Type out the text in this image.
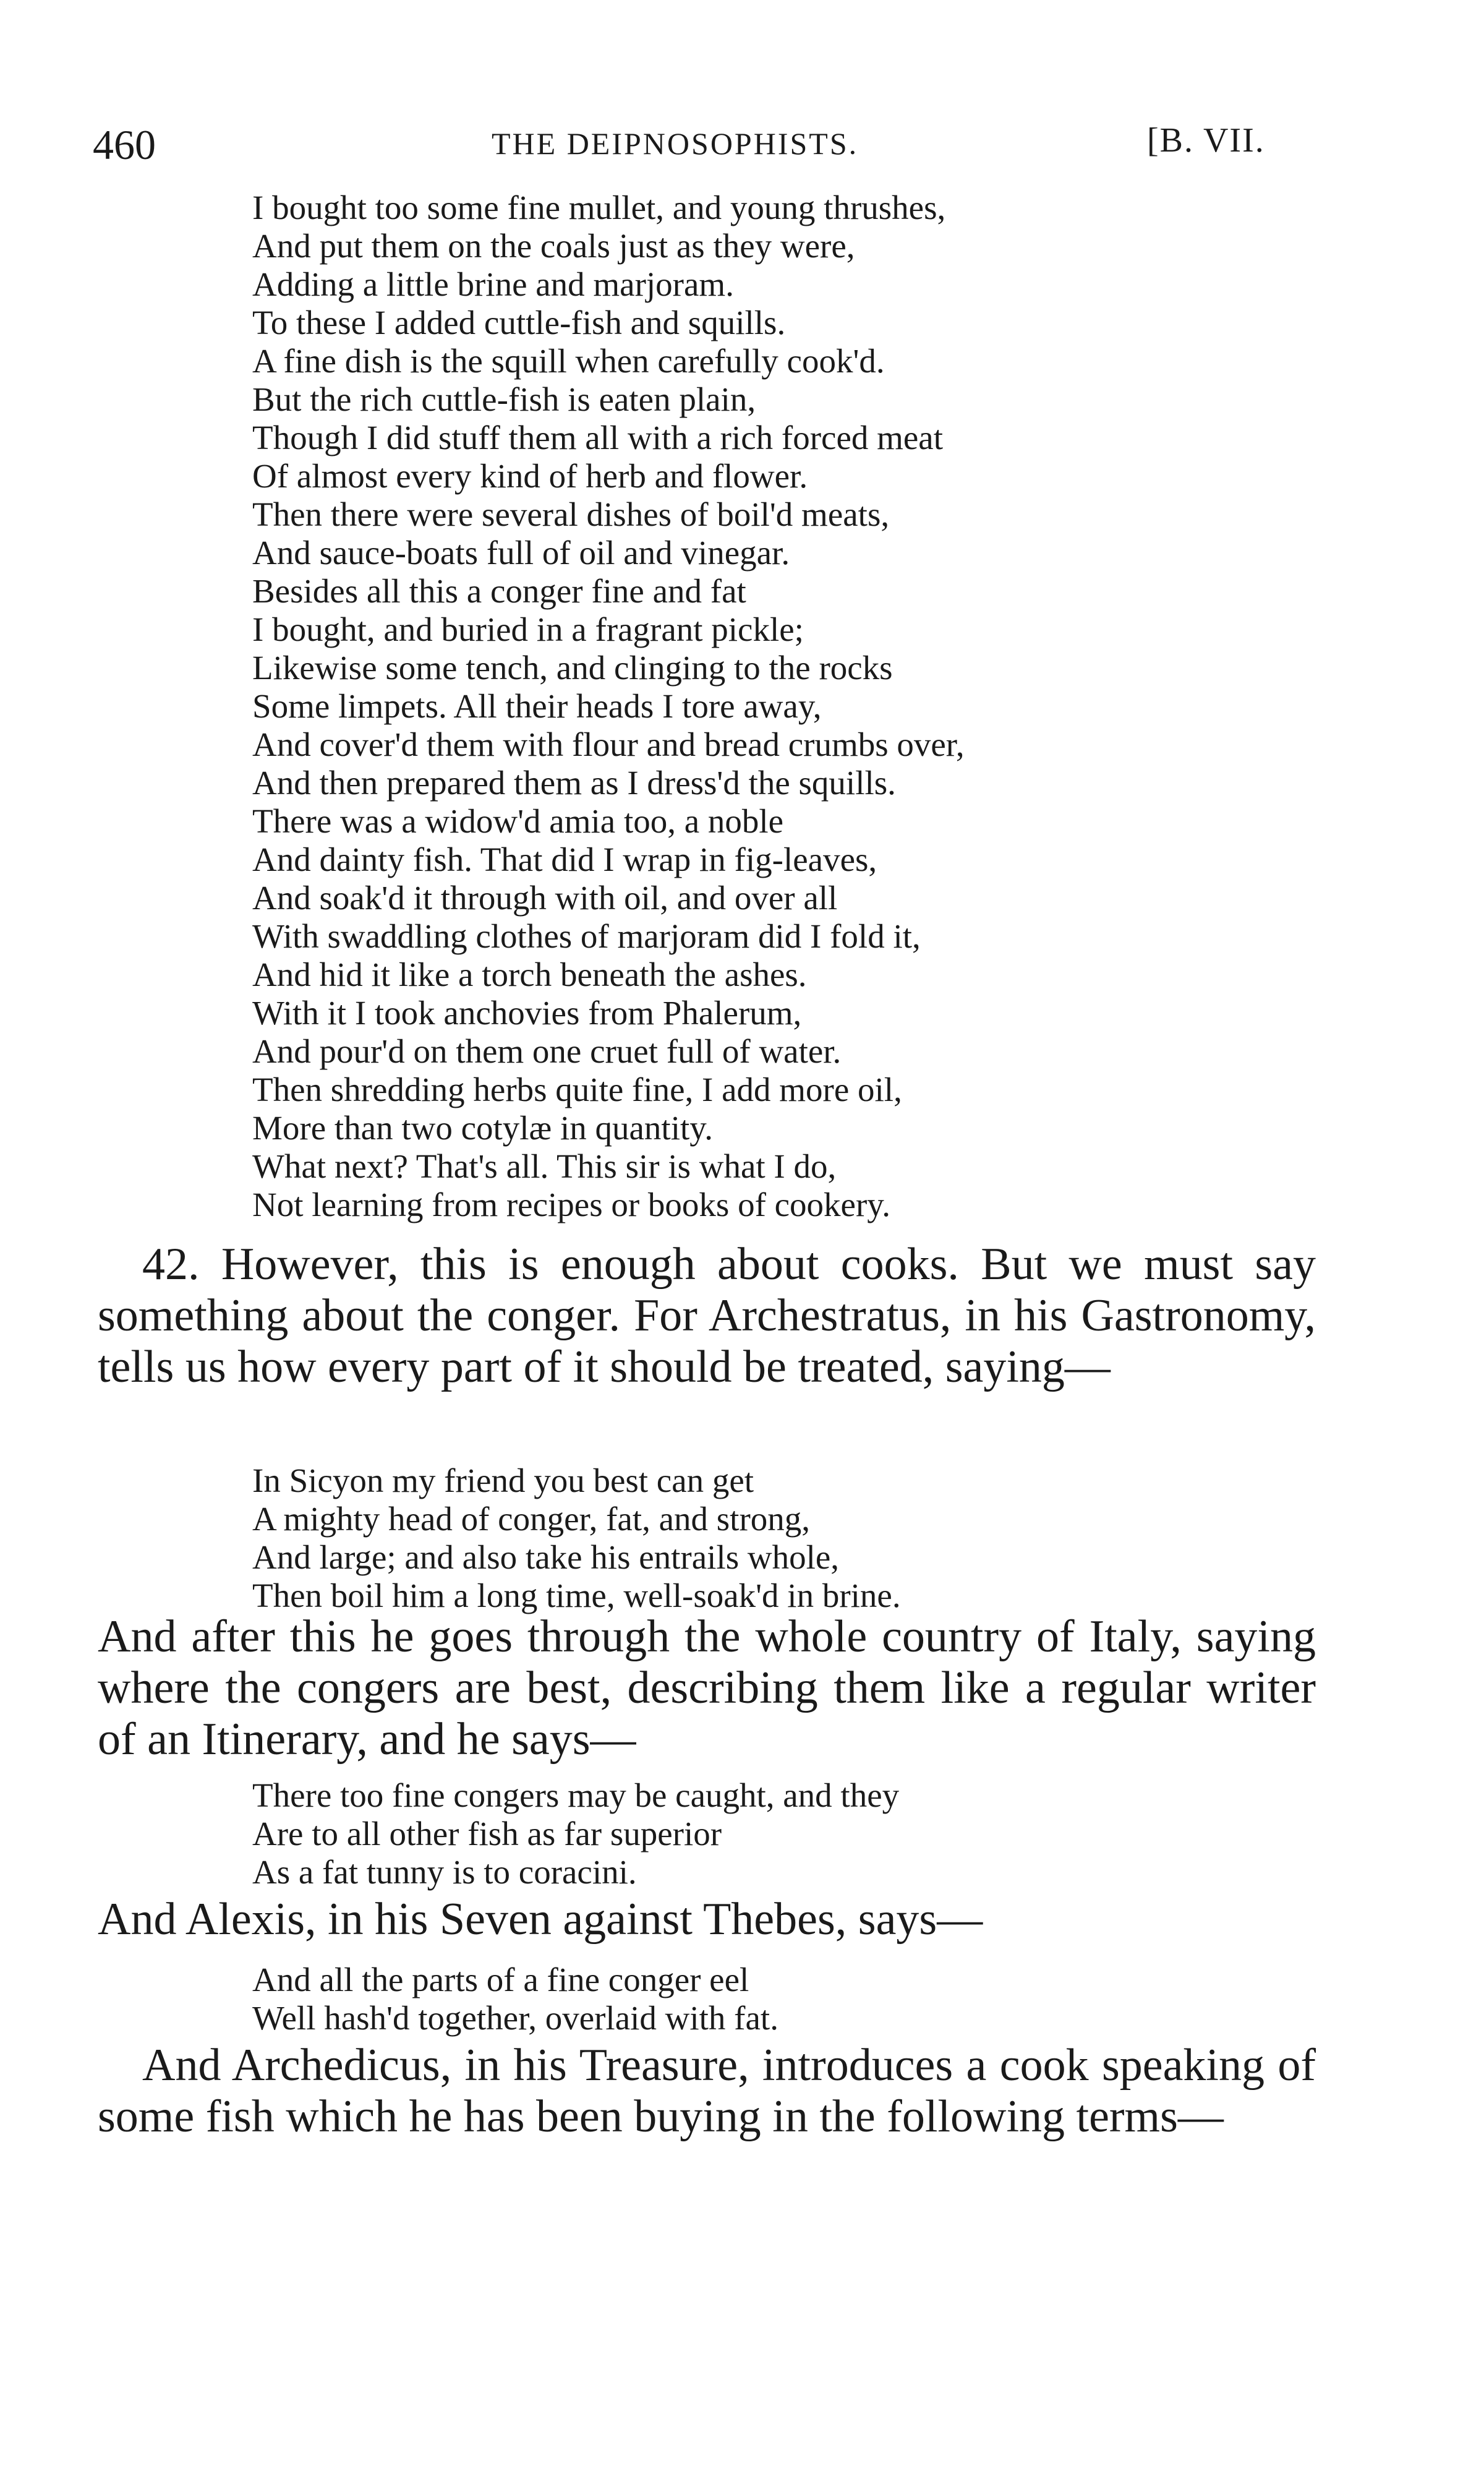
460	THE DEIPNOSOPHISTS.	[B. VII.
I bought too some fine mullet, and young thrushes,
And put them on the coals just as they were,
Adding a little brine and marjoram.
To these I added cuttle-fish and squills.
A fine dish is the squill when carefully cook'd.
But the rich cuttle-fish is eaten plain,
Though I did stuff them all with a rich forced meat
Of almost every kind of herb and flower.
Then there were several dishes of boil'd meats,
And sauce-boats full of oil and vinegar.
Besides all this a conger fine and fat
I bought, and buried in a fragrant pickle;
Likewise some tench, and clinging to the rocks
Some limpets. All their heads I tore away,
And cover'd them with flour and bread crumbs over,
And then prepared them as I dress'd the squills.
There was a widow'd amia too, a noble
And dainty fish. That did I wrap in fig-leaves,
And soak'd it through with oil, and over all
With swaddling clothes of marjoram did I fold it,
And hid it like a torch beneath the ashes.
With it I took anchovies from Phalerum,
And pour'd on them one cruet full of water.
Then shredding herbs quite fine, I add more oil,
More than two cotylæ in quantity.
What next? That's all. This sir is what I do,
Not learning from recipes or books of cookery.

42. However, this is enough about cooks. But we must say something about the conger. For Archestratus, in his Gastronomy, tells us how every part of it should be treated, saying—

In Sicyon my friend you best can get
A mighty head of conger, fat, and strong,
And large; and also take his entrails whole,
Then boil him a long time, well-soak'd in brine.

And after this he goes through the whole country of Italy, saying where the congers are best, describing them like a regular writer of an Itinerary, and he says—

There too fine congers may be caught, and they
Are to all other fish as far superior
As a fat tunny is to coracini.

And Alexis, in his Seven against Thebes, says—

And all the parts of a fine conger eel
Well hash'd together, overlaid with fat.

And Archedicus, in his Treasure, introduces a cook speaking of some fish which he has been buying in the following terms—
